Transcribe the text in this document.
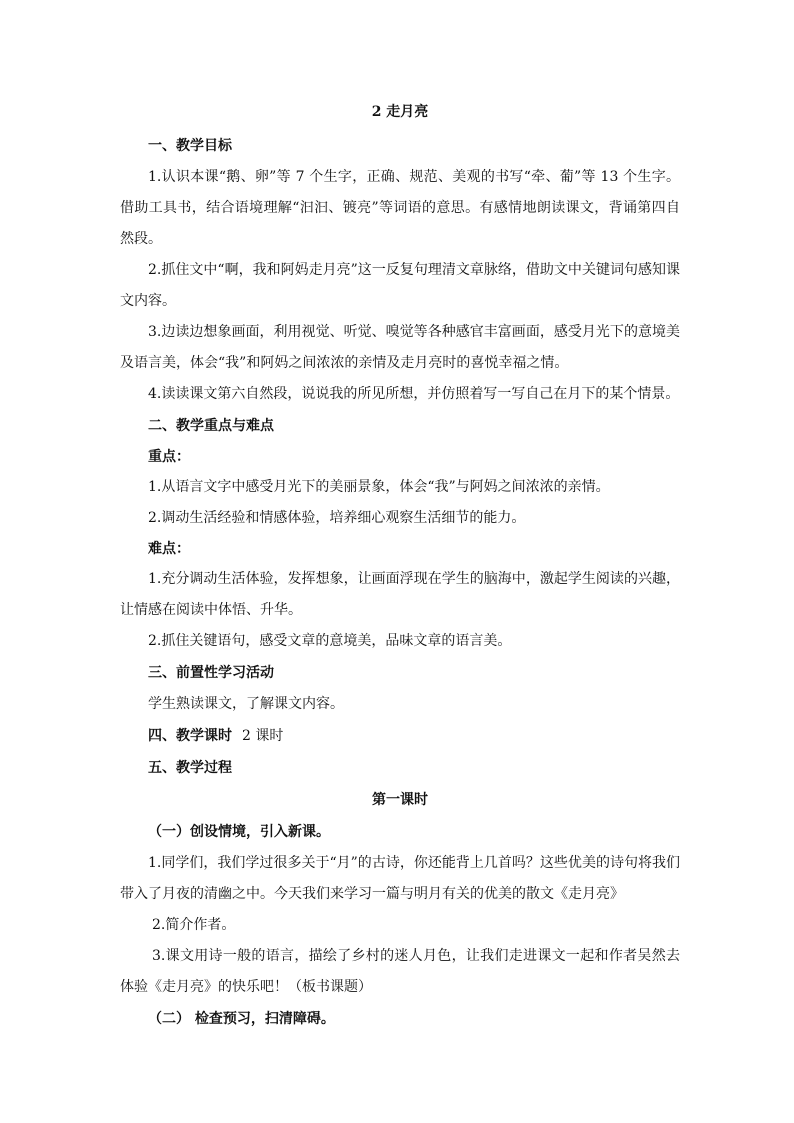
2 走月亮
一、教学目标

1.认识本课“鹅、卵”等 7 个生字，正确、规范、美观的书写“牵、葡”等 13 个生字。借助工具书，结合语境理解“汩汩、镀亮”等词语的意思。有感情地朗读课文，背诵第四自然段。

2.抓住文中“啊，我和阿妈走月亮”这一反复句理清文章脉络，借助文中关键词句感知课文内容。

3.边读边想象画面，利用视觉、听觉、嗅觉等各种感官丰富画面，感受月光下的意境美及语言美，体会“我”和阿妈之间浓浓的亲情及走月亮时的喜悦幸福之情。

4.读读课文第六自然段，说说我的所见所想，并仿照着写一写自己在月下的某个情景。

二、教学重点与难点
重点：

1.从语言文字中感受月光下的美丽景象，体会“我”与阿妈之间浓浓的亲情。

2.调动生活经验和情感体验，培养细心观察生活细节的能力。

难点：

1.充分调动生活体验，发挥想象，让画面浮现在学生的脑海中，激起学生阅读的兴趣，让情感在阅读中体悟、升华。

2.抓住关键语句，感受文章的意境美，品味文章的语言美。

三、前置性学习活动

学生熟读课文，了解课文内容。

四、教学课时 2 课时
五、教学过程
第一课时
（一）创设情境，引入新课。

1.同学们，我们学过很多关于“月”的古诗，你还能背上几首吗？这些优美的诗句将我们带入了月夜的清幽之中。今天我们来学习一篇与明月有关的优美的散文《走月亮》

2.简介作者。

3.课文用诗一般的语言，描绘了乡村的迷人月色，让我们走进课文一起和作者吴然去体验《走月亮》的快乐吧！（板书课题）

（二） 检查预习，扫清障碍。
